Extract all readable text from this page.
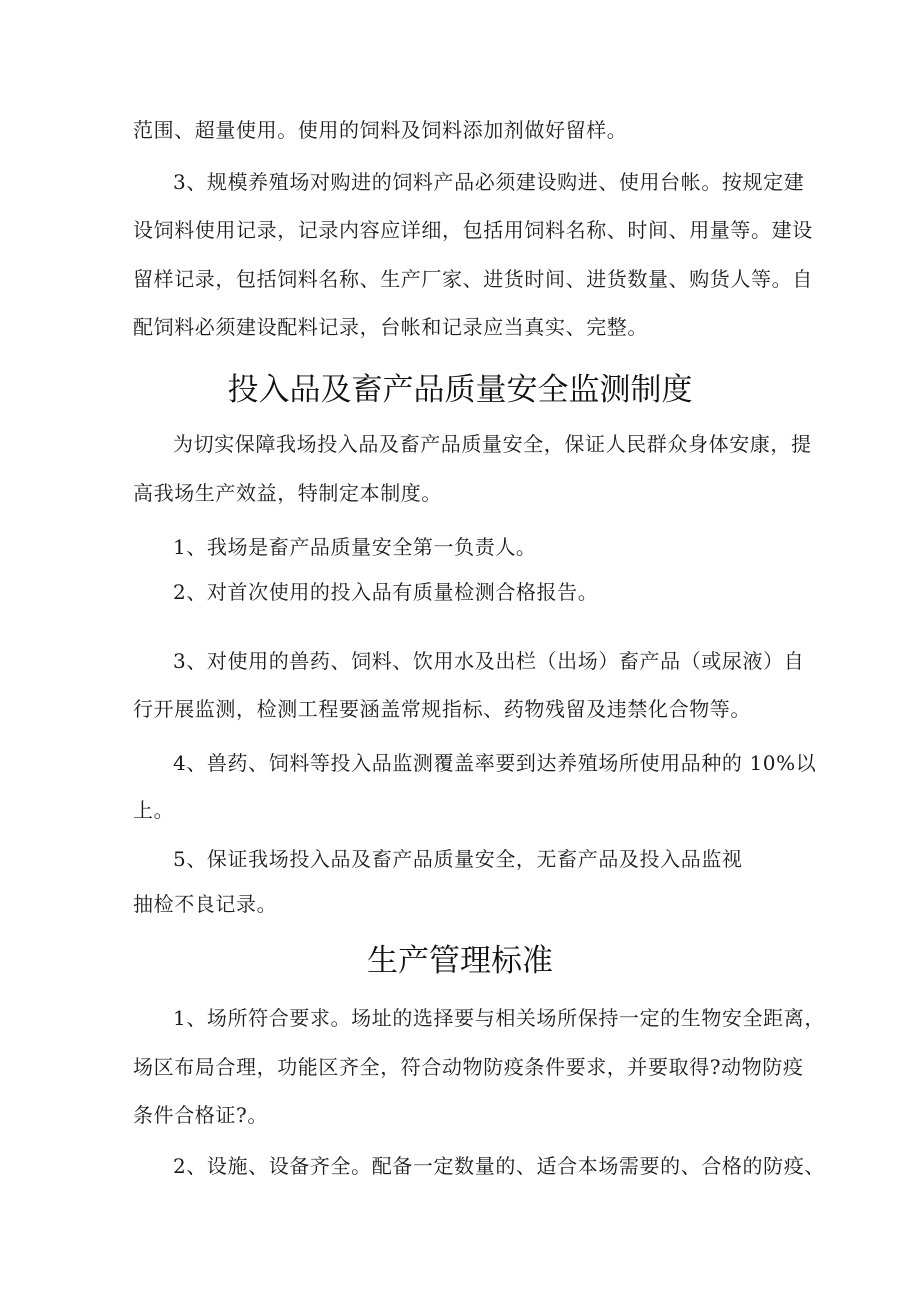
范围、超量使用。使用的饲料及饲料添加剂做好留样。
3、规模养殖场对购进的饲料产品必须建设购进、使用台帐。按规定建
设饲料使用记录，记录内容应详细，包括用饲料名称、时间、用量等。建设
留样记录，包括饲料名称、生产厂家、进货时间、进货数量、购货人等。自
配饲料必须建设配料记录，台帐和记录应当真实、完整。
投入品及畜产品质量安全监测制度
为切实保障我场投入品及畜产品质量安全，保证人民群众身体安康，提
高我场生产效益，特制定本制度。
1、我场是畜产品质量安全第一负责人。
2、对首次使用的投入品有质量检测合格报告。
3、对使用的兽药、饲料、饮用水及出栏（出场）畜产品（或尿液）自
行开展监测，检测工程要涵盖常规指标、药物残留及违禁化合物等。
4、兽药、饲料等投入品监测覆盖率要到达养殖场所使用品种的 10%以
上。
5、保证我场投入品及畜产品质量安全，无畜产品及投入品监视
抽检不良记录。
生产管理标准
1、场所符合要求。场址的选择要与相关场所保持一定的生物安全距离，
场区布局合理，功能区齐全，符合动物防疫条件要求，并要取得?动物防疫
条件合格证?。
2、设施、设备齐全。配备一定数量的、适合本场需要的、合格的防疫、
